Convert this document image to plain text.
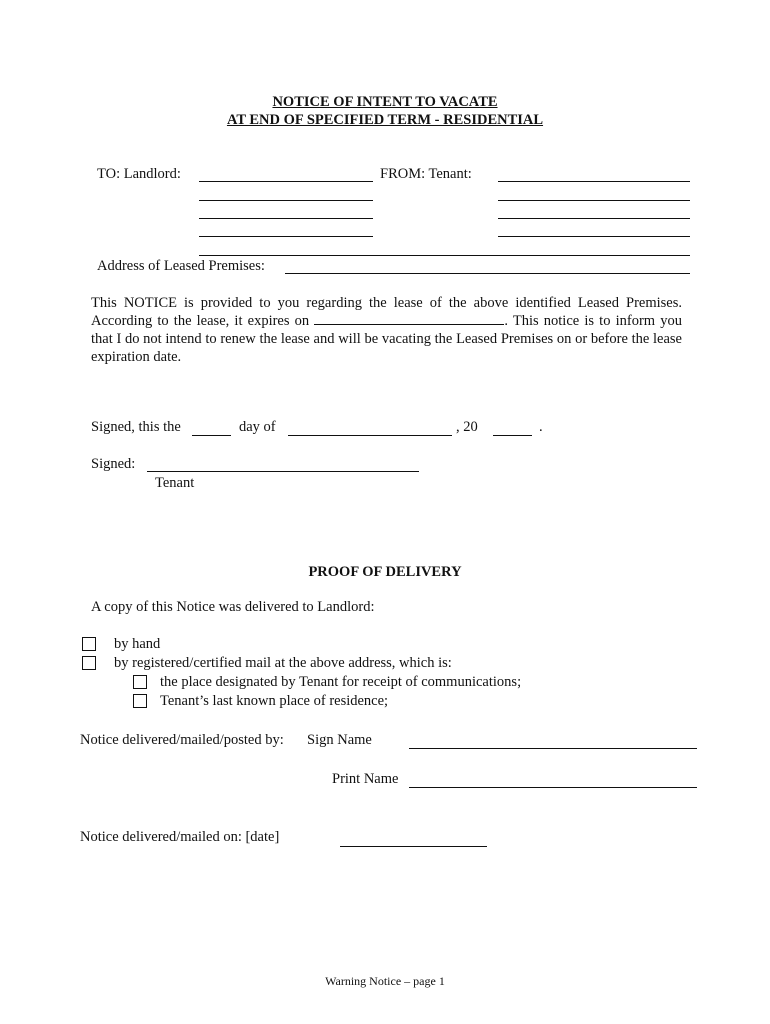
NOTICE OF INTENT TO VACATE
AT END OF SPECIFIED TERM - RESIDENTIAL
TO: Landlord:	FROM: Tenant:
Address of Leased Premises:
This NOTICE is provided to you regarding the lease of the above identified Leased Premises. According to the lease, it expires on	. This notice is to inform you that I do not intend to renew the lease and will be vacating the Leased Premises on or before the lease expiration date.
Signed, this the	day of	, 20	.
Signed:
Tenant
PROOF OF DELIVERY
A copy of this Notice was delivered to Landlord:
by hand
by registered/certified mail at the above address, which is:
the place designated by Tenant for receipt of communications;
Tenant’s last known place of residence;
Notice delivered/mailed/posted by: Sign Name
Print Name
Notice delivered/mailed on: [date]
Warning Notice – page 1
